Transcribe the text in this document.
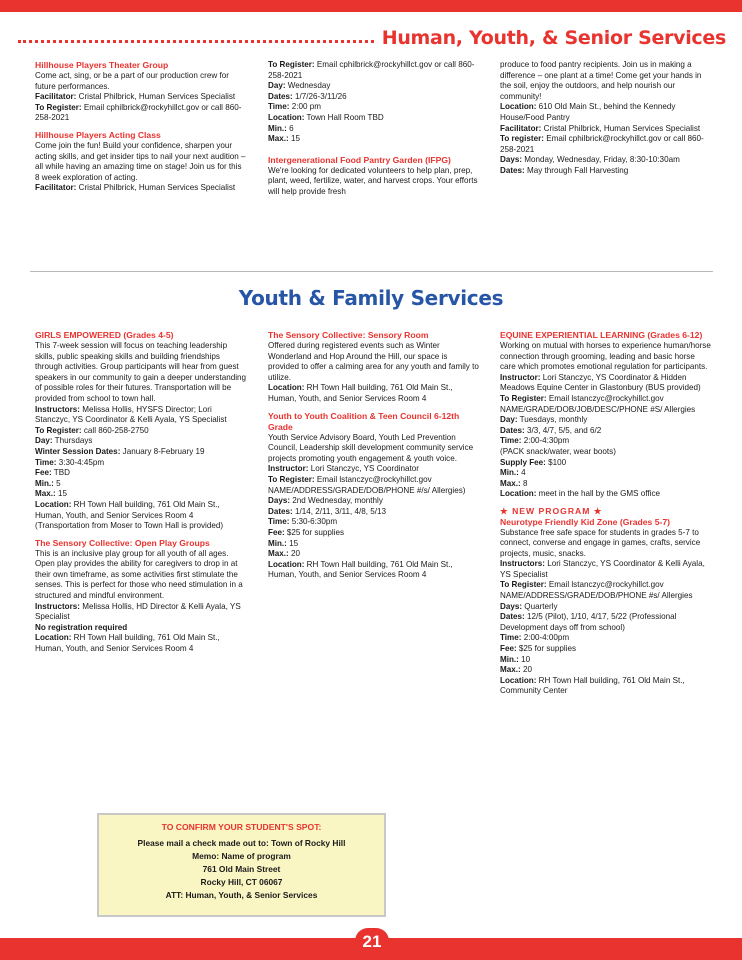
Human, Youth, & Senior Services

Hillhouse Players Theater Group

Come act, sing, or be a part of our production crew for future performances.

Facilitator: Cristal Philbrick, Human Services Specialist

To Register: Email cphilbrick@rockyhillct.gov or call 860-258-2021

Hillhouse Players Acting Class

Come join the fun! Build your confidence, sharpen your acting skills, and get insider tips to nail your next audition – all while having an amazing time on stage! Join us for this 8 week exploration of acting.

Facilitator: Cristal Philbrick, Human Services Specialist

To Register: Email cphilbrick@rockyhillct.gov or call 860-258-2021

Day: Wednesday

Dates: 1/7/26-3/11/26

Time: 2:00 pm

Location: Town Hall Room TBD

Min.: 6

Max.: 15

Intergenerational Food Pantry Garden (IFPG)

We're looking for dedicated volunteers to help plan, prep, plant, weed, fertilize, water, and harvest crops. Your efforts will help provide fresh

produce to food pantry recipients. Join us in making a difference – one plant at a time! Come get your hands in the soil, enjoy the outdoors, and help nourish our community!

Location: 610 Old Main St., behind the Kennedy House/Food Pantry

Facilitator: Cristal Philbrick, Human Services Specialist

To register: Email cphilbrick@rockyhillct.gov or call 860-258-2021

Days: Monday, Wednesday, Friday, 8:30-10:30am

Dates: May through Fall Harvesting

Youth & Family Services

GIRLS EMPOWERED (Grades 4-5)

This 7-week session will focus on teaching leadership skills, public speaking skills and building friendships through activities. Group participants will hear from guest speakers in our community to gain a deeper understanding of possible roles for their futures. Transportation will be provided from school to town hall.

Instructors: Melissa Hollis, HYSFS Director; Lori Stanczyc, YS Coordinator & Kelli Ayala, YS Specialist

To Register: call 860-258-2750

Day: Thursdays

Winter Session Dates: January 8-February 19

Time: 3:30-4:45pm

Fee: TBD

Min.: 5

Max.: 15

Location: RH Town Hall building, 761 Old Main St., Human, Youth, and Senior Services Room 4 (Transportation from Moser to Town Hall is provided)

The Sensory Collective: Open Play Groups

This is an inclusive play group for all youth of all ages. Open play provides the ability for caregivers to drop in at their own timeframe, as some activities first stimulate the senses. This is perfect for those who need stimulation in a structured and mindful environment.

Instructors: Melissa Hollis, HD Director & Kelli Ayala, YS Specialist

No registration required

Location: RH Town Hall building, 761 Old Main St., Human, Youth, and Senior Services Room 4

The Sensory Collective: Sensory Room

Offered during registered events such as Winter Wonderland and Hop Around the Hill, our space is provided to offer a calming area for any youth and family to utilize.

Location: RH Town Hall building, 761 Old Main St., Human, Youth, and Senior Services Room 4

Youth to Youth Coalition & Teen Council 6-12th Grade

Youth Service Advisory Board, Youth Led Prevention Council, Leadership skill development community service projects promoting youth engagement & youth voice.

Instructor: Lori Stanczyc, YS Coordinator

To Register: Email lstanczyc@rockyhillct.gov NAME/ADDRESS/GRADE/DOB/PHONE #/s/ Allergies)

Days: 2nd Wednesday, monthly

Dates: 1/14, 2/11, 3/11, 4/8, 5/13

Time: 5:30-6:30pm

Fee: $25 for supplies

Min.: 15

Max.: 20

Location: RH Town Hall building, 761 Old Main St., Human, Youth, and Senior Services Room 4

EQUINE EXPERIENTIAL LEARNING (Grades 6-12)

Working on mutual with horses to experience human/horse connection through grooming, leading and basic horse care which promotes emotional regulation for participants.

Instructor: Lori Stanczyc, YS Coordinator & Hidden Meadows Equine Center in Glastonbury (BUS provided)

To Register: Email lstanczyc@rockyhillct.gov NAME/GRADE/DOB/JOB/DESC/PHONE #S/ Allergies

Day: Tuesdays, monthly

Dates: 3/3, 4/7, 5/5, and 6/2

Time: 2:00-4:30pm

(PACK snack/water, wear boots)

Supply Fee: $100

Min.: 4

Max.: 8

Location: meet in the hall by the GMS office

★ NEW PROGRAM ★

Neurotype Friendly Kid Zone (Grades 5-7)

Substance free safe space for students in grades 5-7 to connect, converse and engage in games, crafts, service projects, music, snacks.

Instructors: Lori Stanczyc, YS Coordinator & Kelli Ayala, YS Specialist

To Register: Email lstanczyc@rockyhillct.gov NAME/ADDRESS/GRADE/DOB/PHONE #s/ Allergies

Days: Quarterly

Dates: 12/5 (Pilot), 1/10, 4/17, 5/22 (Professional Development days off from school)

Time: 2:00-4:00pm

Fee: $25 for supplies

Min.: 10

Max.: 20

Location: RH Town Hall building, 761 Old Main St., Community Center

TO CONFIRM YOUR STUDENT'S SPOT:
Please mail a check made out to: Town of Rocky Hill
Memo: Name of program
761 Old Main Street
Rocky Hill, CT 06067
ATT: Human, Youth, & Senior Services
21
